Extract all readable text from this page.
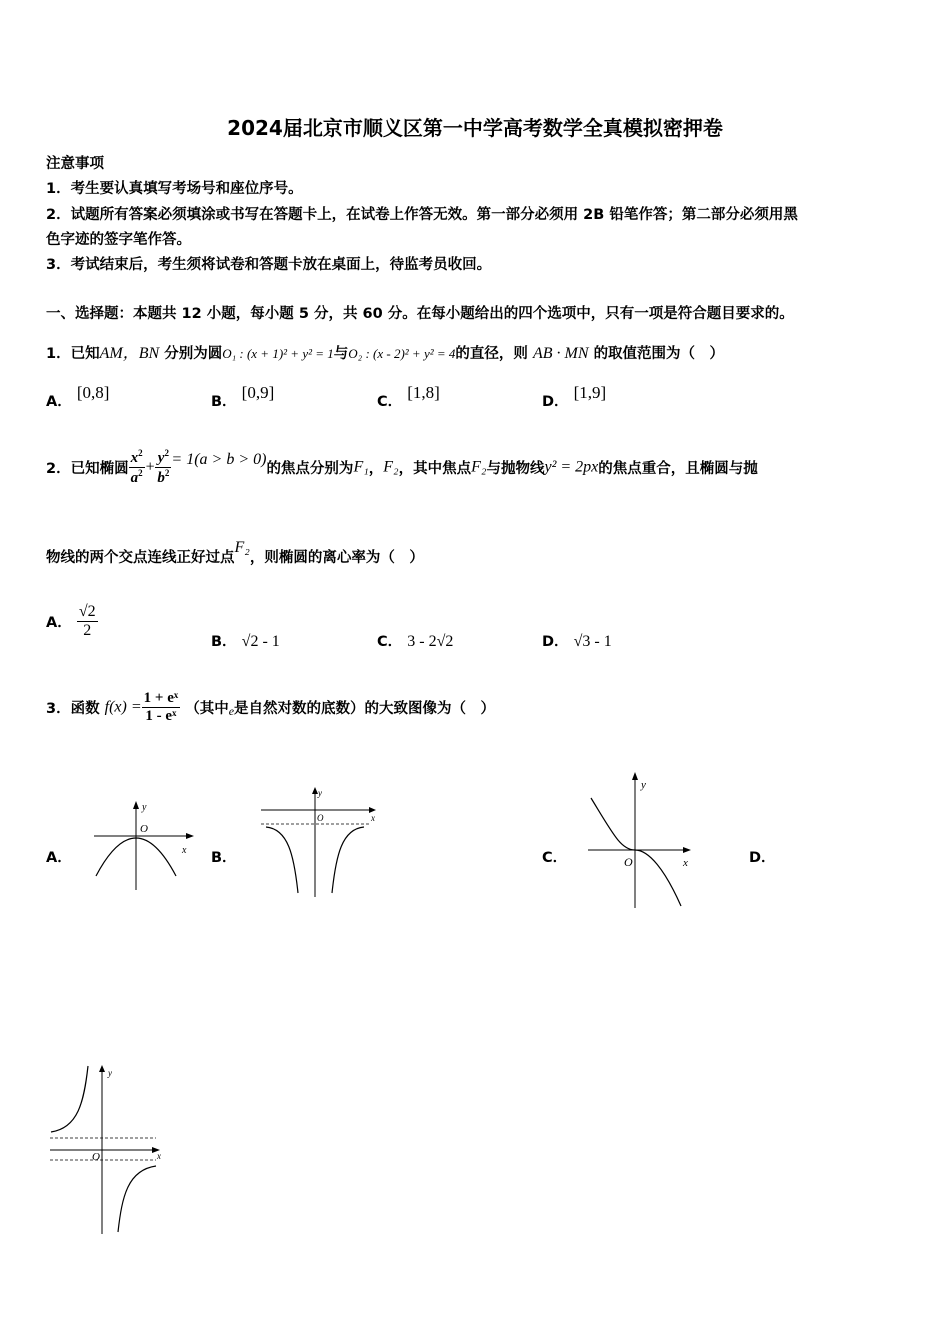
2024届北京市顺义区第一中学高考数学全真模拟密押卷
注意事项
1．考生要认真填写考场号和座位序号。
2．试题所有答案必须填涂或书写在答题卡上，在试卷上作答无效。第一部分必须用 2B 铅笔作答；第二部分必须用黑
色字迹的签字笔作答。
3．考试结束后，考生须将试卷和答题卡放在桌面上，待监考员收回。
一、选择题：本题共 12 小题，每小题 5 分，共 60 分。在每小题给出的四个选项中，只有一项是符合题目要求的。
1．已知AM，BN 分别为圆O₁ : (x + 1)² + y² = 1与O₂ : (x - 2)² + y² = 4的直径，则 AB · MN 的取值范围为（　）
A． [0,8]	B． [0,9]	C． [1,8]	D． [1,9]
2．已知椭圆 $\frac{x^2}{a^2} + \frac{y^2}{b^2} = 1(a > b > 0)$的焦点分别为F₁，F₂，其中焦点F₂与抛物线y² = 2px的焦点重合，且椭圆与抛
物线的两个交点连线正好过点F₂，则椭圆的离心率为（　）
A． $\frac{√2}{2}$
B． √2 - 1	C． 3 - 2√2	D． √3 - 1
3．函数 $f(x) = \frac{\text{1 + eˣ}}{\text{1 - eˣ}}$ （其中$_e$是自然对数的底数）的大致图像为（　）
A．	B．	C．	D．
y
O
x
y
O	x
y
O	x
y
O	x
